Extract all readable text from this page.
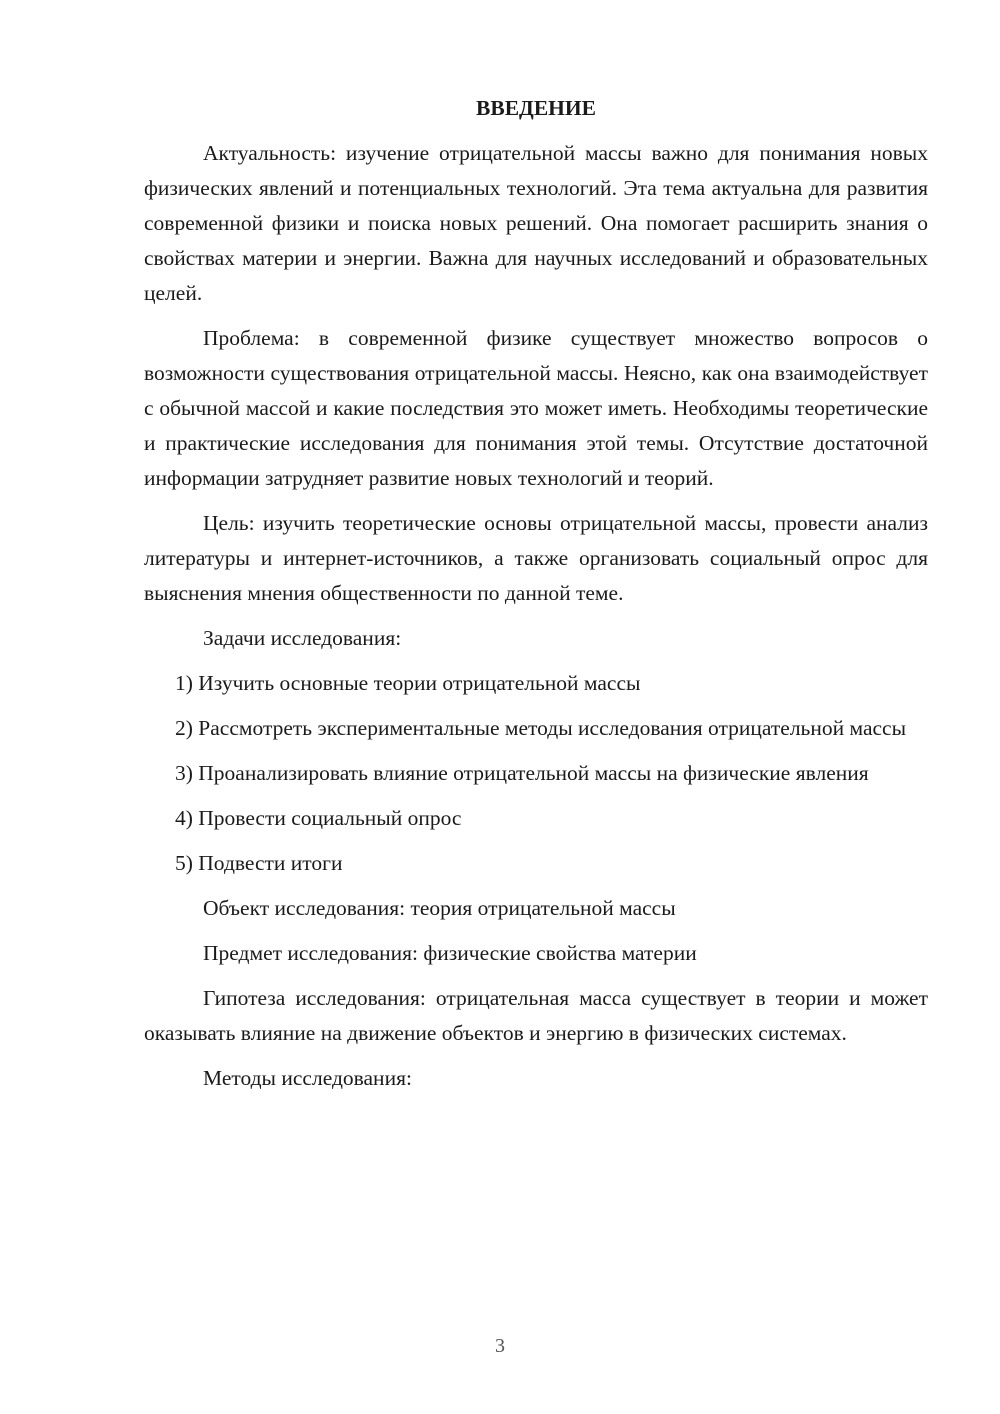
ВВЕДЕНИЕ

Актуальность: изучение отрицательной массы важно для понимания новых физических явлений и потенциальных технологий. Эта тема актуальна для развития современной физики и поиска новых решений. Она помогает расширить знания о свойствах материи и энергии. Важна для научных исследований и образовательных целей.

Проблема: в современной физике существует множество вопросов о возможности существования отрицательной массы. Неясно, как она взаимодействует с обычной массой и какие последствия это может иметь. Необходимы теоретические и практические исследования для понимания этой темы. Отсутствие достаточной информации затрудняет развитие новых технологий и теорий.

Цель: изучить теоретические основы отрицательной массы, провести анализ литературы и интернет-источников, а также организовать социальный опрос для выяснения мнения общественности по данной теме.

Задачи исследования:

1) Изучить основные теории отрицательной массы

2) Рассмотреть экспериментальные методы исследования отрицательной массы

3) Проанализировать влияние отрицательной массы на физические явления

4) Провести социальный опрос

5) Подвести итоги

Объект исследования: теория отрицательной массы

Предмет исследования: физические свойства материи

Гипотеза исследования: отрицательная масса существует в теории и может оказывать влияние на движение объектов и энергию в физических системах.

Методы исследования:

3
